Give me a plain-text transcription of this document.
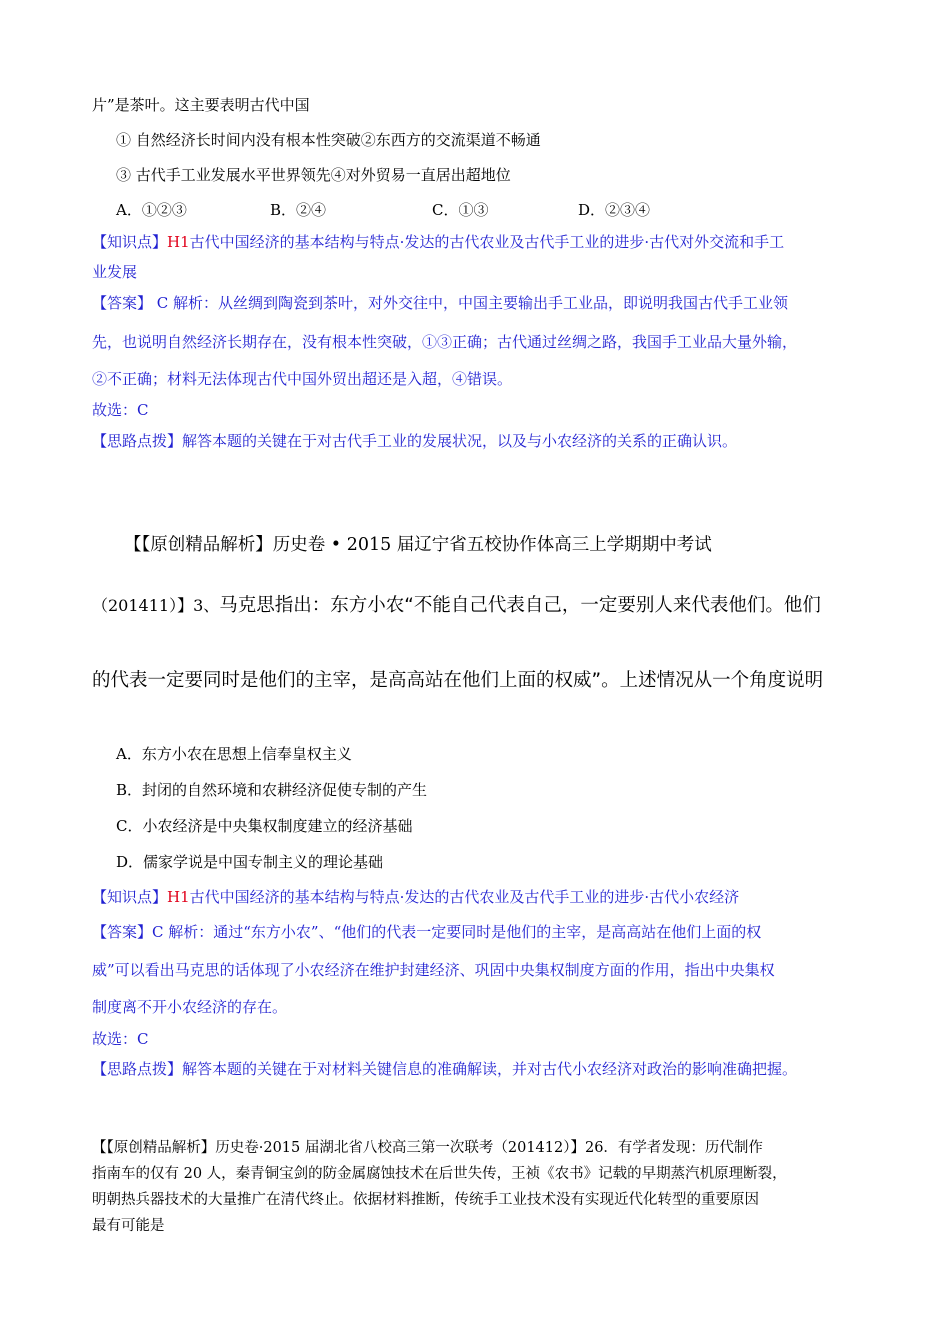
片”是茶叶。这主要表明古代中国
① 自然经济长时间内没有根本性突破②东西方的交流渠道不畅通
③ 古代手工业发展水平世界领先④对外贸易一直居出超地位
A．①②③	B．②④	C．①③	D．②③④
【知识点】H1古代中国经济的基本结构与特点·发达的古代农业及古代手工业的进步·古代对外交流和手工
业发展
【答案】 C 解析：从丝绸到陶瓷到茶叶，对外交往中，中国主要输出手工业品，即说明我国古代手工业领
先，也说明自然经济长期存在，没有根本性突破，①③正确；古代通过丝绸之路，我国手工业品大量外输，
②不正确；材料无法体现古代中国外贸出超还是入超，④错误。
故选：C
【思路点拨】解答本题的关键在于对古代手工业的发展状况，以及与小农经济的关系的正确认识。
【【原创精品解析】历史卷 • 2015 届辽宁省五校协作体高三上学期期中考试
（201411）】3、马克思指出：东方小农“不能自己代表自己，一定要别人来代表他们。他们
的代表一定要同时是他们的主宰，是高高站在他们上面的权威”。上述情况从一个角度说明
A．东方小农在思想上信奉皇权主义
B．封闭的自然环境和农耕经济促使专制的产生
C．小农经济是中央集权制度建立的经济基础
D．儒家学说是中国专制主义的理论基础
【知识点】H1古代中国经济的基本结构与特点·发达的古代农业及古代手工业的进步·古代小农经济
【答案】C 解析：通过“东方小农”、“他们的代表一定要同时是他们的主宰，是高高站在他们上面的权
威”可以看出马克思的话体现了小农经济在维护封建经济、巩固中央集权制度方面的作用，指出中央集权
制度离不开小农经济的存在。
故选：C
【思路点拨】解答本题的关键在于对材料关键信息的准确解读，并对古代小农经济对政治的影响准确把握。
【【原创精品解析】历史卷·2015 届湖北省八校高三第一次联考（201412）】26．有学者发现：历代制作
指南车的仅有 20 人，秦青铜宝剑的防金属腐蚀技术在后世失传，王祯《农书》记载的早期蒸汽机原理断裂，
明朝热兵器技术的大量推广在清代终止。依据材料推断，传统手工业技术没有实现近代化转型的重要原因
最有可能是
